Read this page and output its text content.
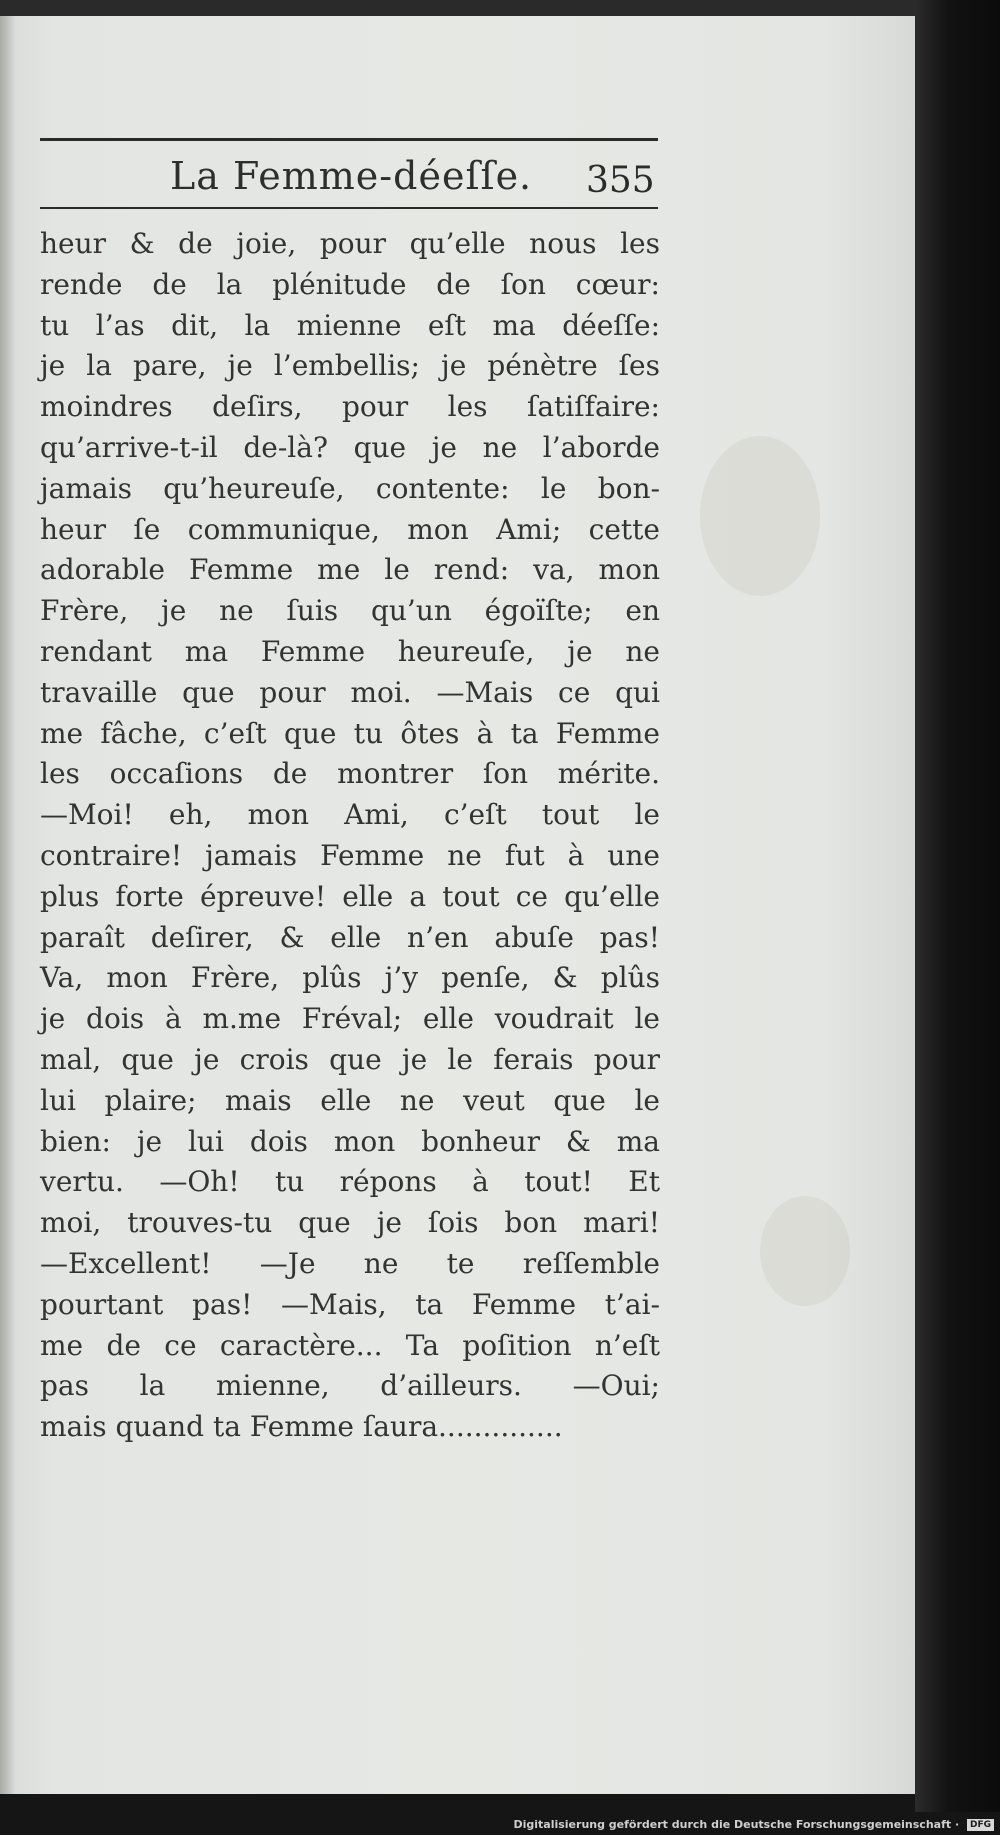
La Femme-déeſſe. 355
heur & de joie, pour qu’elle nous les
rende de la plénitude de ſon cœur:
tu l’as dit, la mienne eſt ma déeſſe:
je la pare, je l’embellis; je pénètre ſes
moindres deſirs, pour les ſatiſfaire:
qu’arrive-t-il de-là? que je ne l’aborde
jamais qu’heureuſe, contente: le bon-
heur ſe communique, mon Ami; cette
adorable Femme me le rend: va, mon
Frère, je ne ſuis qu’un égoïſte; en
rendant ma Femme heureuſe, je ne
travaille que pour moi. —Mais ce qui
me fâche, c’eſt que tu ôtes à ta Femme
les occaſions de montrer ſon mérite.
—Moi! eh, mon Ami, c’eſt tout le
contraire! jamais Femme ne fut à une
plus forte épreuve! elle a tout ce qu’elle
paraît deſirer, & elle n’en abuſe pas!
Va, mon Frère, plûs j’y penſe, & plûs
je dois à m.me Fréval; elle voudrait le
mal, que je crois que je le ferais pour
lui plaire; mais elle ne veut que le
bien: je lui dois mon bonheur & ma
vertu. —Oh! tu répons à tout! Et
moi, trouves-tu que je ſois bon mari!
—Excellent! —Je ne te reſſemble
pourtant pas! —Mais, ta Femme t’ai-
me de ce caractère... Ta poſition n’eſt
pas la mienne, d’ailleurs. —Oui;
mais quand ta Femme ſaura..............
Digitalisierung gefördert durch die Deutsche Forschungsgemeinschaft · DFG
